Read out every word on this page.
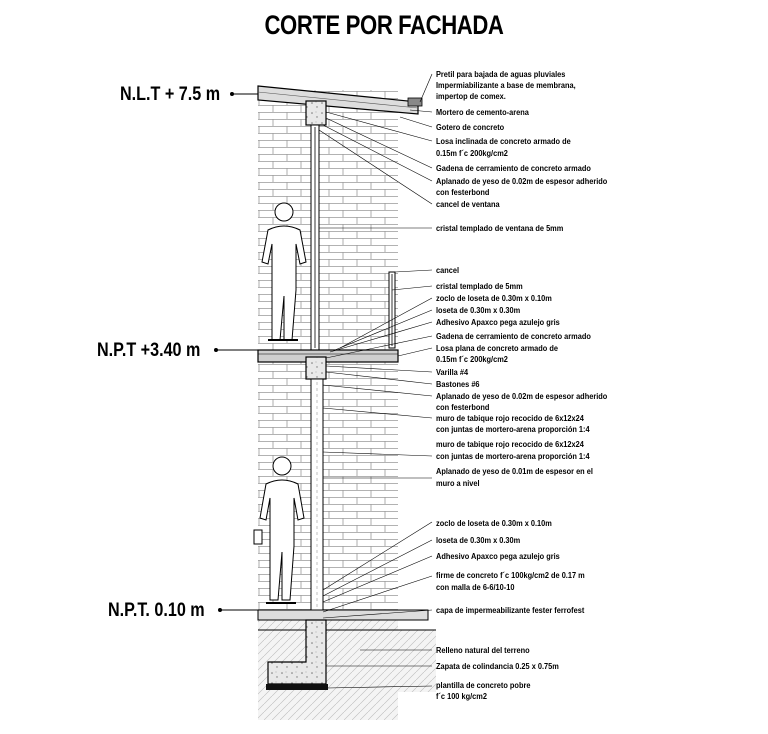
CORTE POR FACHADA
N.L.T + 7.5 m
N.P.T +3.40 m
N.P.T. 0.10 m
Pretil para bajada de aguas pluviales
Impermiabilizante a base de membrana,
impertop de comex.
Mortero de cemento-arena
Gotero de concreto
Losa inclinada de concreto armado de
0.15m f´c 200kg/cm2
Gadena de cerramiento de concreto armado
Aplanado de yeso de 0.02m de espesor adherido
con festerbond
cancel de ventana
cristal templado de ventana de 5mm
cancel
cristal templado de 5mm
zoclo de loseta de 0.30m x 0.10m
loseta de 0.30m x 0.30m
Adhesivo Apaxco pega azulejo gris
Gadena de cerramiento de concreto armado
Losa plana de concreto armado de
0.15m f´c 200kg/cm2
Varilla #4
Bastones #6
Aplanado de yeso de 0.02m de espesor adherido
con festerbond
muro de tabique rojo recocido de 6x12x24
con juntas de mortero-arena proporción 1:4
muro de tabique rojo recocido de 6x12x24
con juntas de mortero-arena proporción 1:4
Aplanado de yeso de 0.01m de espesor en el
muro a nivel
zoclo de loseta de 0.30m x 0.10m
loseta de 0.30m x 0.30m
Adhesivo Apaxco pega azulejo gris
firme de concreto f´c 100kg/cm2 de 0.17 m
con malla de 6-6/10-10
capa de impermeabilizante fester ferrofest
Relleno natural del terreno
Zapata de colindancia 0.25 x 0.75m
plantilla de concreto pobre
f´c 100 kg/cm2
